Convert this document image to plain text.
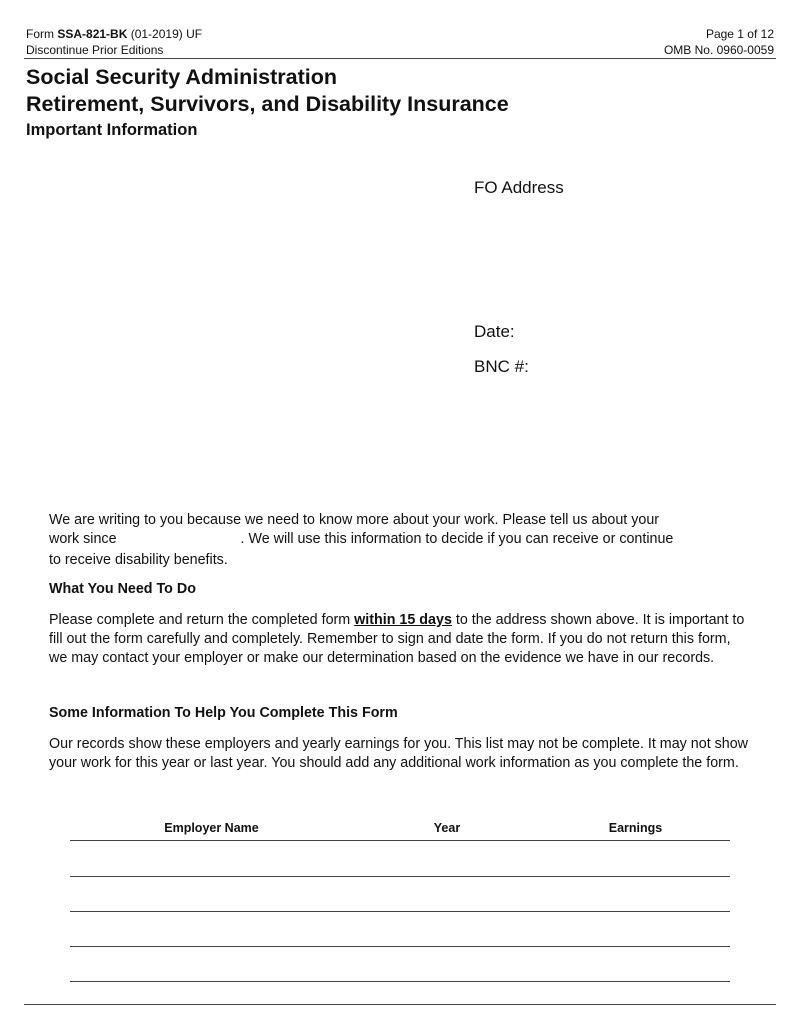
Form SSA-821-BK (01-2019) UF
Discontinue Prior Editions
Page 1 of 12
OMB No. 0960-0059
Social Security Administration
Retirement, Survivors, and Disability Insurance
Important Information
FO Address
Date:
BNC #:
We are writing to you because we need to know more about your work. Please tell us about your
work since	. We will use this information to decide if you can receive or continue
to receive disability benefits.
What You Need To Do
Please complete and return the completed form within 15 days to the address shown above. It is important to fill out the form carefully and completely. Remember to sign and date the form. If you do not return this form, we may contact your employer or make our determination based on the evidence we have in our records.
Some Information To Help You Complete This Form
Our records show these employers and yearly earnings for you. This list may not be complete. It may not show your work for this year or last year. You should add any additional work information as you complete the form.
Employer Name	Year	Earnings
